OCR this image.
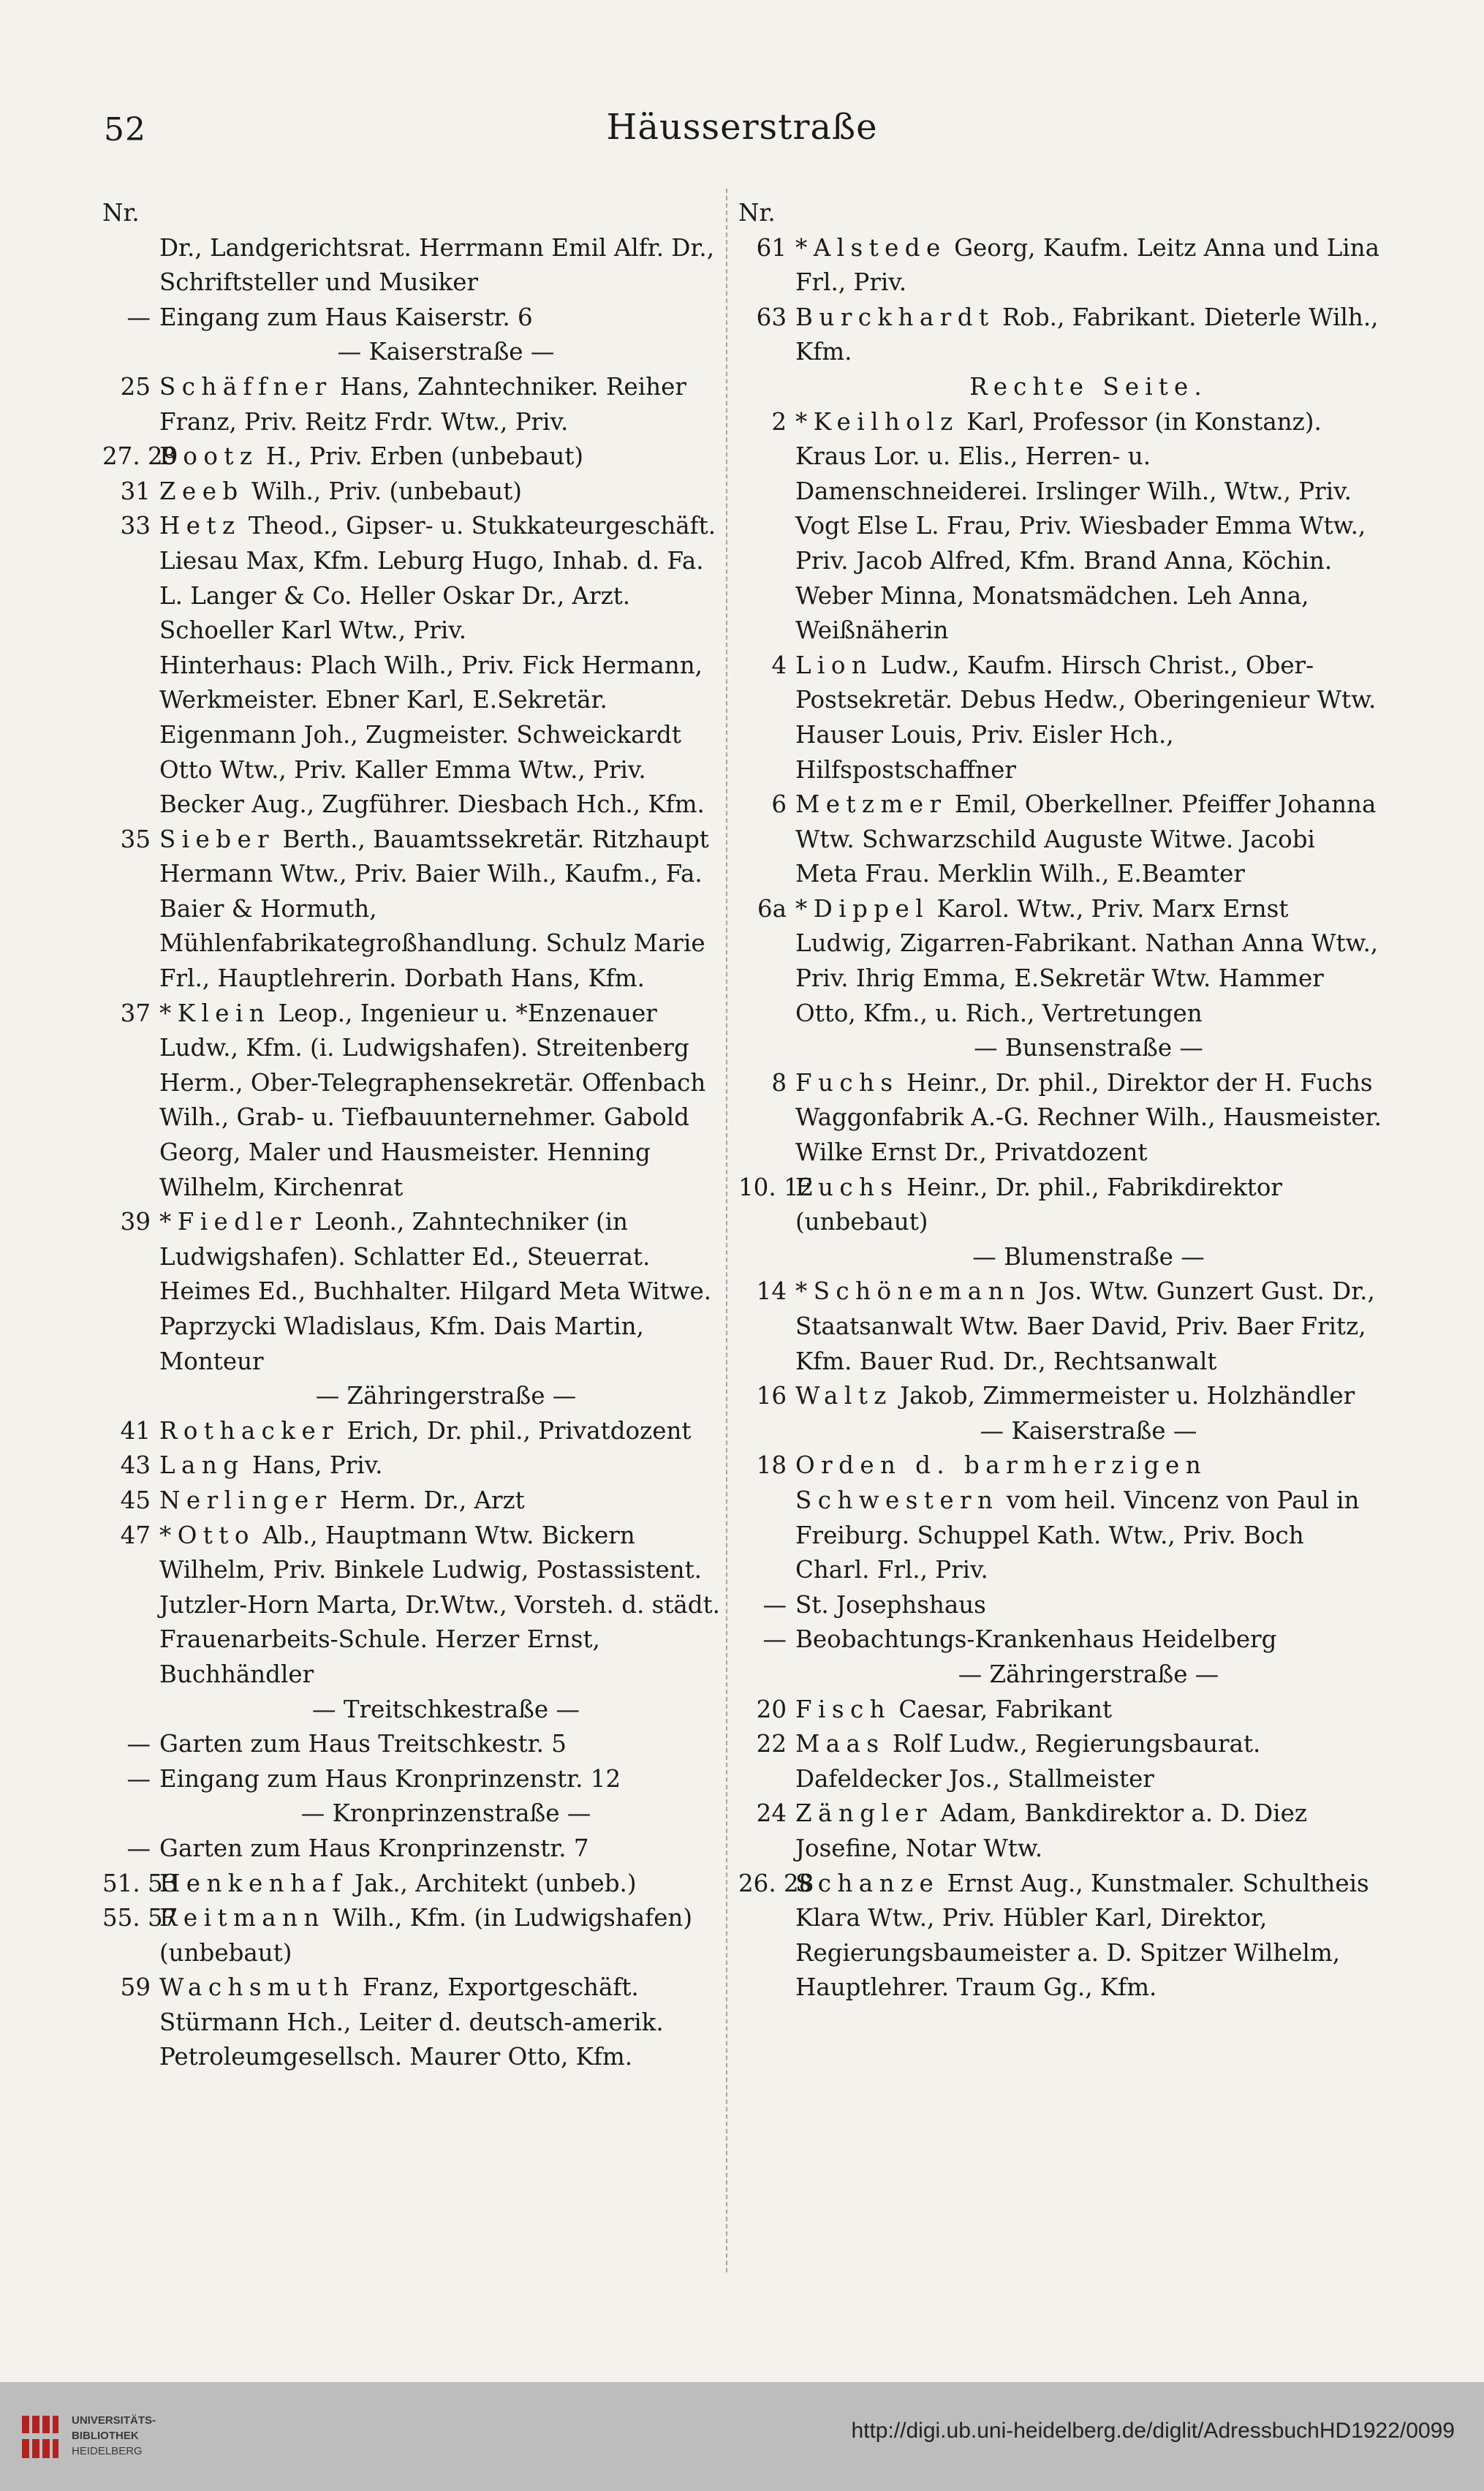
52	Häusserstraße
Nr.
Dr., Landgerichtsrat. Herrmann Emil Alfr. Dr., Schriftsteller und Musiker
— Eingang zum Haus Kaiserstr. 6
— Kaiserstraße —
25 Schäffner Hans, Zahntechniker. Reiher Franz, Priv. Reitz Frdr. Wtw., Priv.
27. 29
Bootz H., Priv. Erben (unbebaut)
31 Zeeb Wilh., Priv. (unbebaut)
33 Hetz Theod., Gipser- u. Stukkateurgeschäft. Liesau Max, Kfm. Leburg Hugo, Inhab. d. Fa. L. Langer & Co. Heller Oskar Dr., Arzt. Schoeller Karl Wtw., Priv.
Hinterhaus: Plach Wilh., Priv. Fick Hermann, Werkmeister. Ebner Karl, E.Sekretär. Eigenmann Joh., Zugmeister. Schweickardt Otto Wtw., Priv. Kaller Emma Wtw., Priv. Becker Aug., Zugführer. Diesbach Hch., Kfm.
35 Sieber Berth., Bauamtssekretär. Ritzhaupt Hermann Wtw., Priv. Baier Wilh., Kaufm., Fa. Baier & Hormuth, Mühlenfabrikategroßhandlung. Schulz Marie Frl., Hauptlehrerin. Dorbath Hans, Kfm.
37 *Klein Leop., Ingenieur u. *Enzenauer Ludw., Kfm. (i. Ludwigshafen). Streitenberg Herm., Ober-Telegraphensekretär. Offenbach Wilh., Grab- u. Tiefbauunternehmer. Gabold Georg, Maler und Hausmeister. Henning Wilhelm, Kirchenrat
39 *Fiedler Leonh., Zahntechniker (in Ludwigshafen). Schlatter Ed., Steuerrat. Heimes Ed., Buchhalter. Hilgard Meta Witwe. Paprzycki Wladislaus, Kfm. Dais Martin, Monteur
— Zähringerstraße —
41 Rothacker Erich, Dr. phil., Privatdozent
43 Lang Hans, Priv.
45 Nerlinger Herm. Dr., Arzt
47 *Otto Alb., Hauptmann Wtw. Bickern Wilhelm, Priv. Binkele Ludwig, Postassistent. Jutzler-Horn Marta, Dr.Wtw., Vorsteh. d. städt. Frauenarbeits-Schule. Herzer Ernst, Buchhändler
— Treitschkestraße —
— Garten zum Haus Treitschkestr. 5
— Eingang zum Haus Kronprinzenstr. 12
— Kronprinzenstraße —
— Garten zum Haus Kronprinzenstr. 7
51. 53
Henkenhaf Jak., Architekt (unbeb.)
55. 57
Reitmann Wilh., Kfm. (in Ludwigshafen) (unbebaut)
59 Wachsmuth Franz, Exportgeschäft. Stürmann Hch., Leiter d. deutsch-amerik. Petroleumgesellsch. Maurer Otto, Kfm.
Nr.
61 *Alstede Georg, Kaufm. Leitz Anna und Lina Frl., Priv.
63 Burckhardt Rob., Fabrikant. Dieterle Wilh., Kfm.
Rechte Seite.
2 *Keilholz Karl, Professor (in Konstanz). Kraus Lor. u. Elis., Herren- u. Damenschneiderei. Irslinger Wilh., Wtw., Priv. Vogt Else L. Frau, Priv. Wiesbader Emma Wtw., Priv. Jacob Alfred, Kfm. Brand Anna, Köchin. Weber Minna, Monatsmädchen. Leh Anna, Weißnäherin
4 Lion Ludw., Kaufm. Hirsch Christ., Ober-Postsekretär. Debus Hedw., Oberingenieur Wtw. Hauser Louis, Priv. Eisler Hch., Hilfspostschaffner
6 Metzmer Emil, Oberkellner. Pfeiffer Johanna Wtw. Schwarzschild Auguste Witwe. Jacobi Meta Frau. Merklin Wilh., E.Beamter
6a *Dippel Karol. Wtw., Priv. Marx Ernst Ludwig, Zigarren-Fabrikant. Nathan Anna Wtw., Priv. Ihrig Emma, E.Sekretär Wtw. Hammer Otto, Kfm., u. Rich., Vertretungen
— Bunsenstraße —
8 Fuchs Heinr., Dr. phil., Direktor der H. Fuchs Waggonfabrik A.-G. Rechner Wilh., Hausmeister. Wilke Ernst Dr., Privatdozent
10. 12
Fuchs Heinr., Dr. phil., Fabrikdirektor (unbebaut)
— Blumenstraße —
14 *Schönemann Jos. Wtw. Gunzert Gust. Dr., Staatsanwalt Wtw. Baer David, Priv. Baer Fritz, Kfm. Bauer Rud. Dr., Rechtsanwalt
16 Waltz Jakob, Zimmermeister u. Holzhändler
— Kaiserstraße —
18 Orden d. barmherzigen Schwestern vom heil. Vincenz von Paul in Freiburg. Schuppel Kath. Wtw., Priv. Boch Charl. Frl., Priv.
— St. Josephshaus
— Beobachtungs-Krankenhaus Heidelberg
— Zähringerstraße —
20 Fisch Caesar, Fabrikant
22 Maas Rolf Ludw., Regierungsbaurat. Dafeldecker Jos., Stallmeister
24 Zängler Adam, Bankdirektor a. D. Diez Josefine, Notar Wtw.
26. 28
Schanze Ernst Aug., Kunstmaler. Schultheis Klara Wtw., Priv. Hübler Karl, Direktor, Regierungsbaumeister a. D. Spitzer Wilhelm, Hauptlehrer. Traum Gg., Kfm.
UNIVERSITÄTS-
BIBLIOTHEK
HEIDELBERG
http://digi.ub.uni-heidelberg.de/diglit/AdressbuchHD1922/0099
